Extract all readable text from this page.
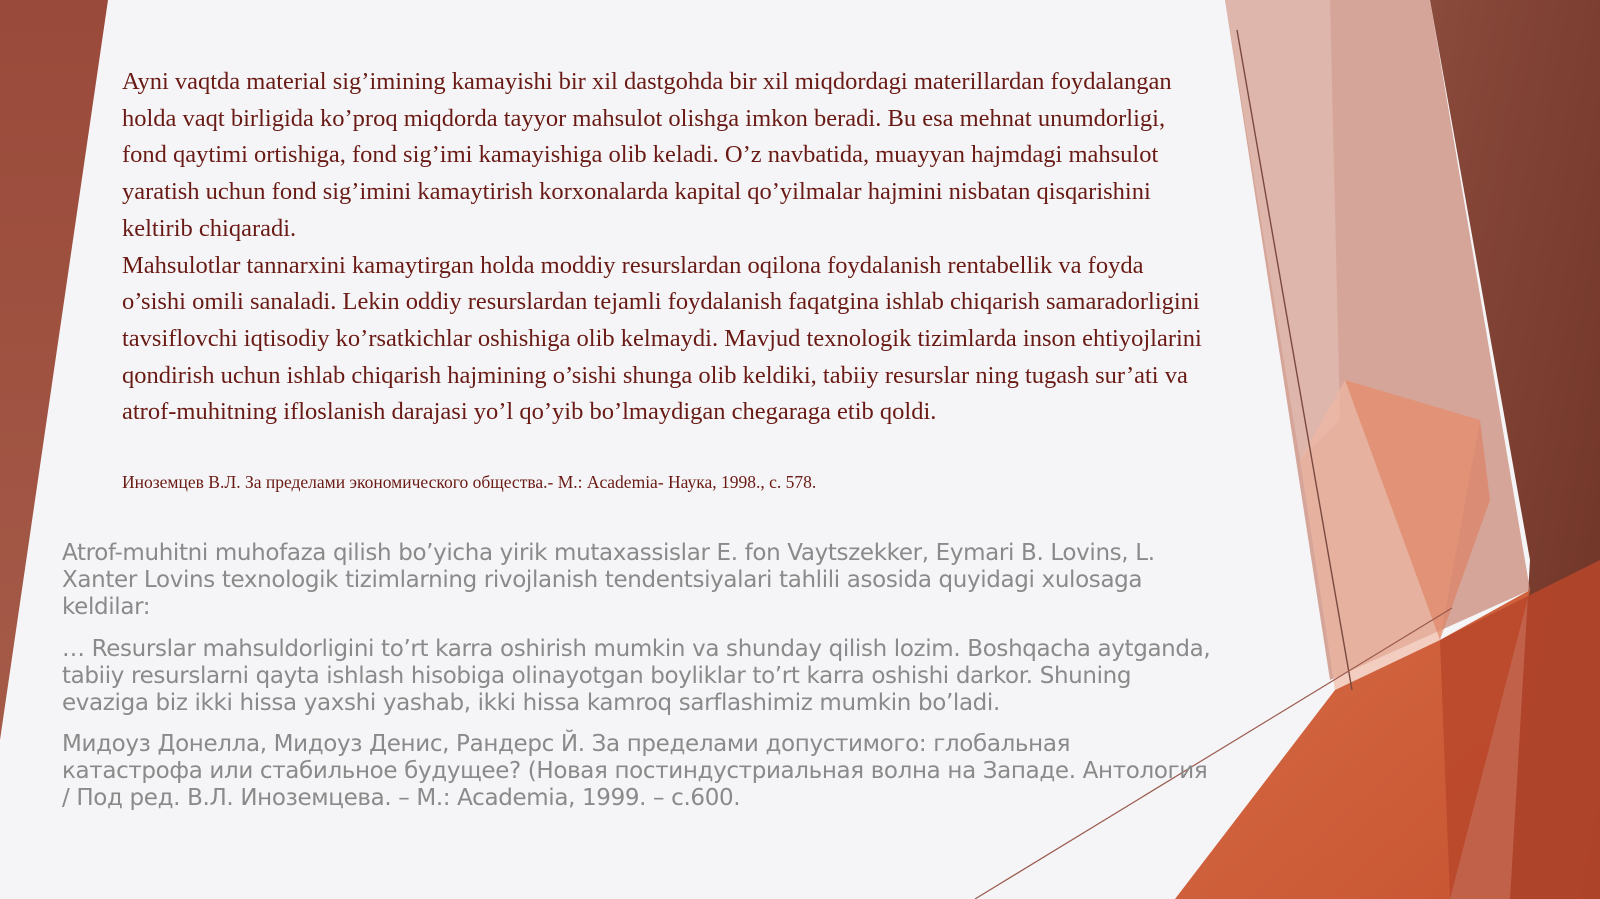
Ayni vaqtda material sig’imining kamayishi bir xil dastgohda bir xil miqdordagi materillardan foydalangan holda vaqt birligida ko’proq miqdorda tayyor mahsulot olishga imkon beradi. Bu esa mehnat unumdorligi, fond qaytimi ortishiga, fond sig’imi kamayishiga olib keladi. O’z navbatida, muayyan hajmdagi mahsulot yaratish uchun fond sig’imini kamaytirish korxonalarda kapital qo’yilmalar hajmini nisbatan qisqarishini keltirib chiqaradi.

Mahsulotlar tannarxini kamaytirgan holda moddiy resurslardan oqilona foydalanish rentabellik va foyda o’sishi omili sanaladi. Lekin oddiy resurslardan tejamli foydalanish faqatgina ishlab chiqarish samaradorligini tavsiflovchi iqtisodiy ko’rsatkichlar oshishiga olib kelmaydi. Mavjud texnologik tizimlarda inson ehtiyojlarini qondirish uchun ishlab chiqarish hajmining o’sishi shunga olib keldiki, tabiiy resurslar ning tugash sur’ati va atrof-muhitning ifloslanish darajasi yo’l qo’yib bo’lmaydigan chegaraga etib qoldi.

Иноземцев В.Л. За пределами экономического общества.- М.: Academia- Наука, 1998., с. 578.

Atrof-muhitni muhofaza qilish bo’yicha yirik mutaxassislar E. fon Vaytszekker, Eymari B. Lovins, L. Xanter Lovins texnologik tizimlarning rivojlanish tendentsiyalari tahlili asosida quyidagi xulosaga keldilar:

… Resurslar mahsuldorligini to’rt karra oshirish mumkin va shunday qilish lozim. Boshqacha aytganda, tabiiy resurslarni qayta ishlash hisobiga olinayotgan boyliklar to’rt karra oshishi darkor. Shuning evaziga biz ikki hissa yaxshi yashab, ikki hissa kamroq sarflashimiz mumkin bo’ladi.

Мидоуз Донелла, Мидоуз Денис, Рандерс Й. За пределами допустимого: глобальная катастрофа или стабильное будущее? (Новая постиндустриальная волна на Западе. Антология / Под ред. В.Л. Иноземцева. – М.: Academia, 1999. – с.600.
